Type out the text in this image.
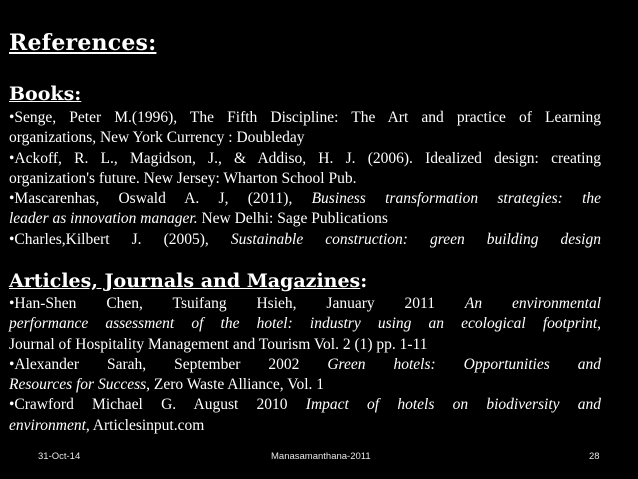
References:
Books:
•Senge, Peter M.(1996), The Fifth Discipline: The Art and practice of Learning
organizations, New York Currency : Doubleday
•Ackoff, R. L., Magidson, J., & Addiso, H. J. (2006). Idealized design: creating
organization's future. New Jersey: Wharton School Pub.
•Mascarenhas, Oswald A. J, (2011), Business transformation strategies: the
leader as innovation manager. New Delhi: Sage Publications
•Charles,Kilbert J. (2005), Sustainable construction: green building design
Articles, Journals and Magazines:
•Han-Shen Chen, Tsuifang Hsieh, January 2011 An environmental
performance assessment of the hotel: industry using an ecological footprint,
Journal of Hospitality Management and Tourism Vol. 2 (1) pp. 1-11
•Alexander Sarah, September 2002 Green hotels: Opportunities and
Resources for Success, Zero Waste Alliance, Vol. 1
•Crawford Michael G. August 2010 Impact of hotels on biodiversity and
environment, Articlesinput.com
31-Oct-14	Manasamanthana-2011	28
